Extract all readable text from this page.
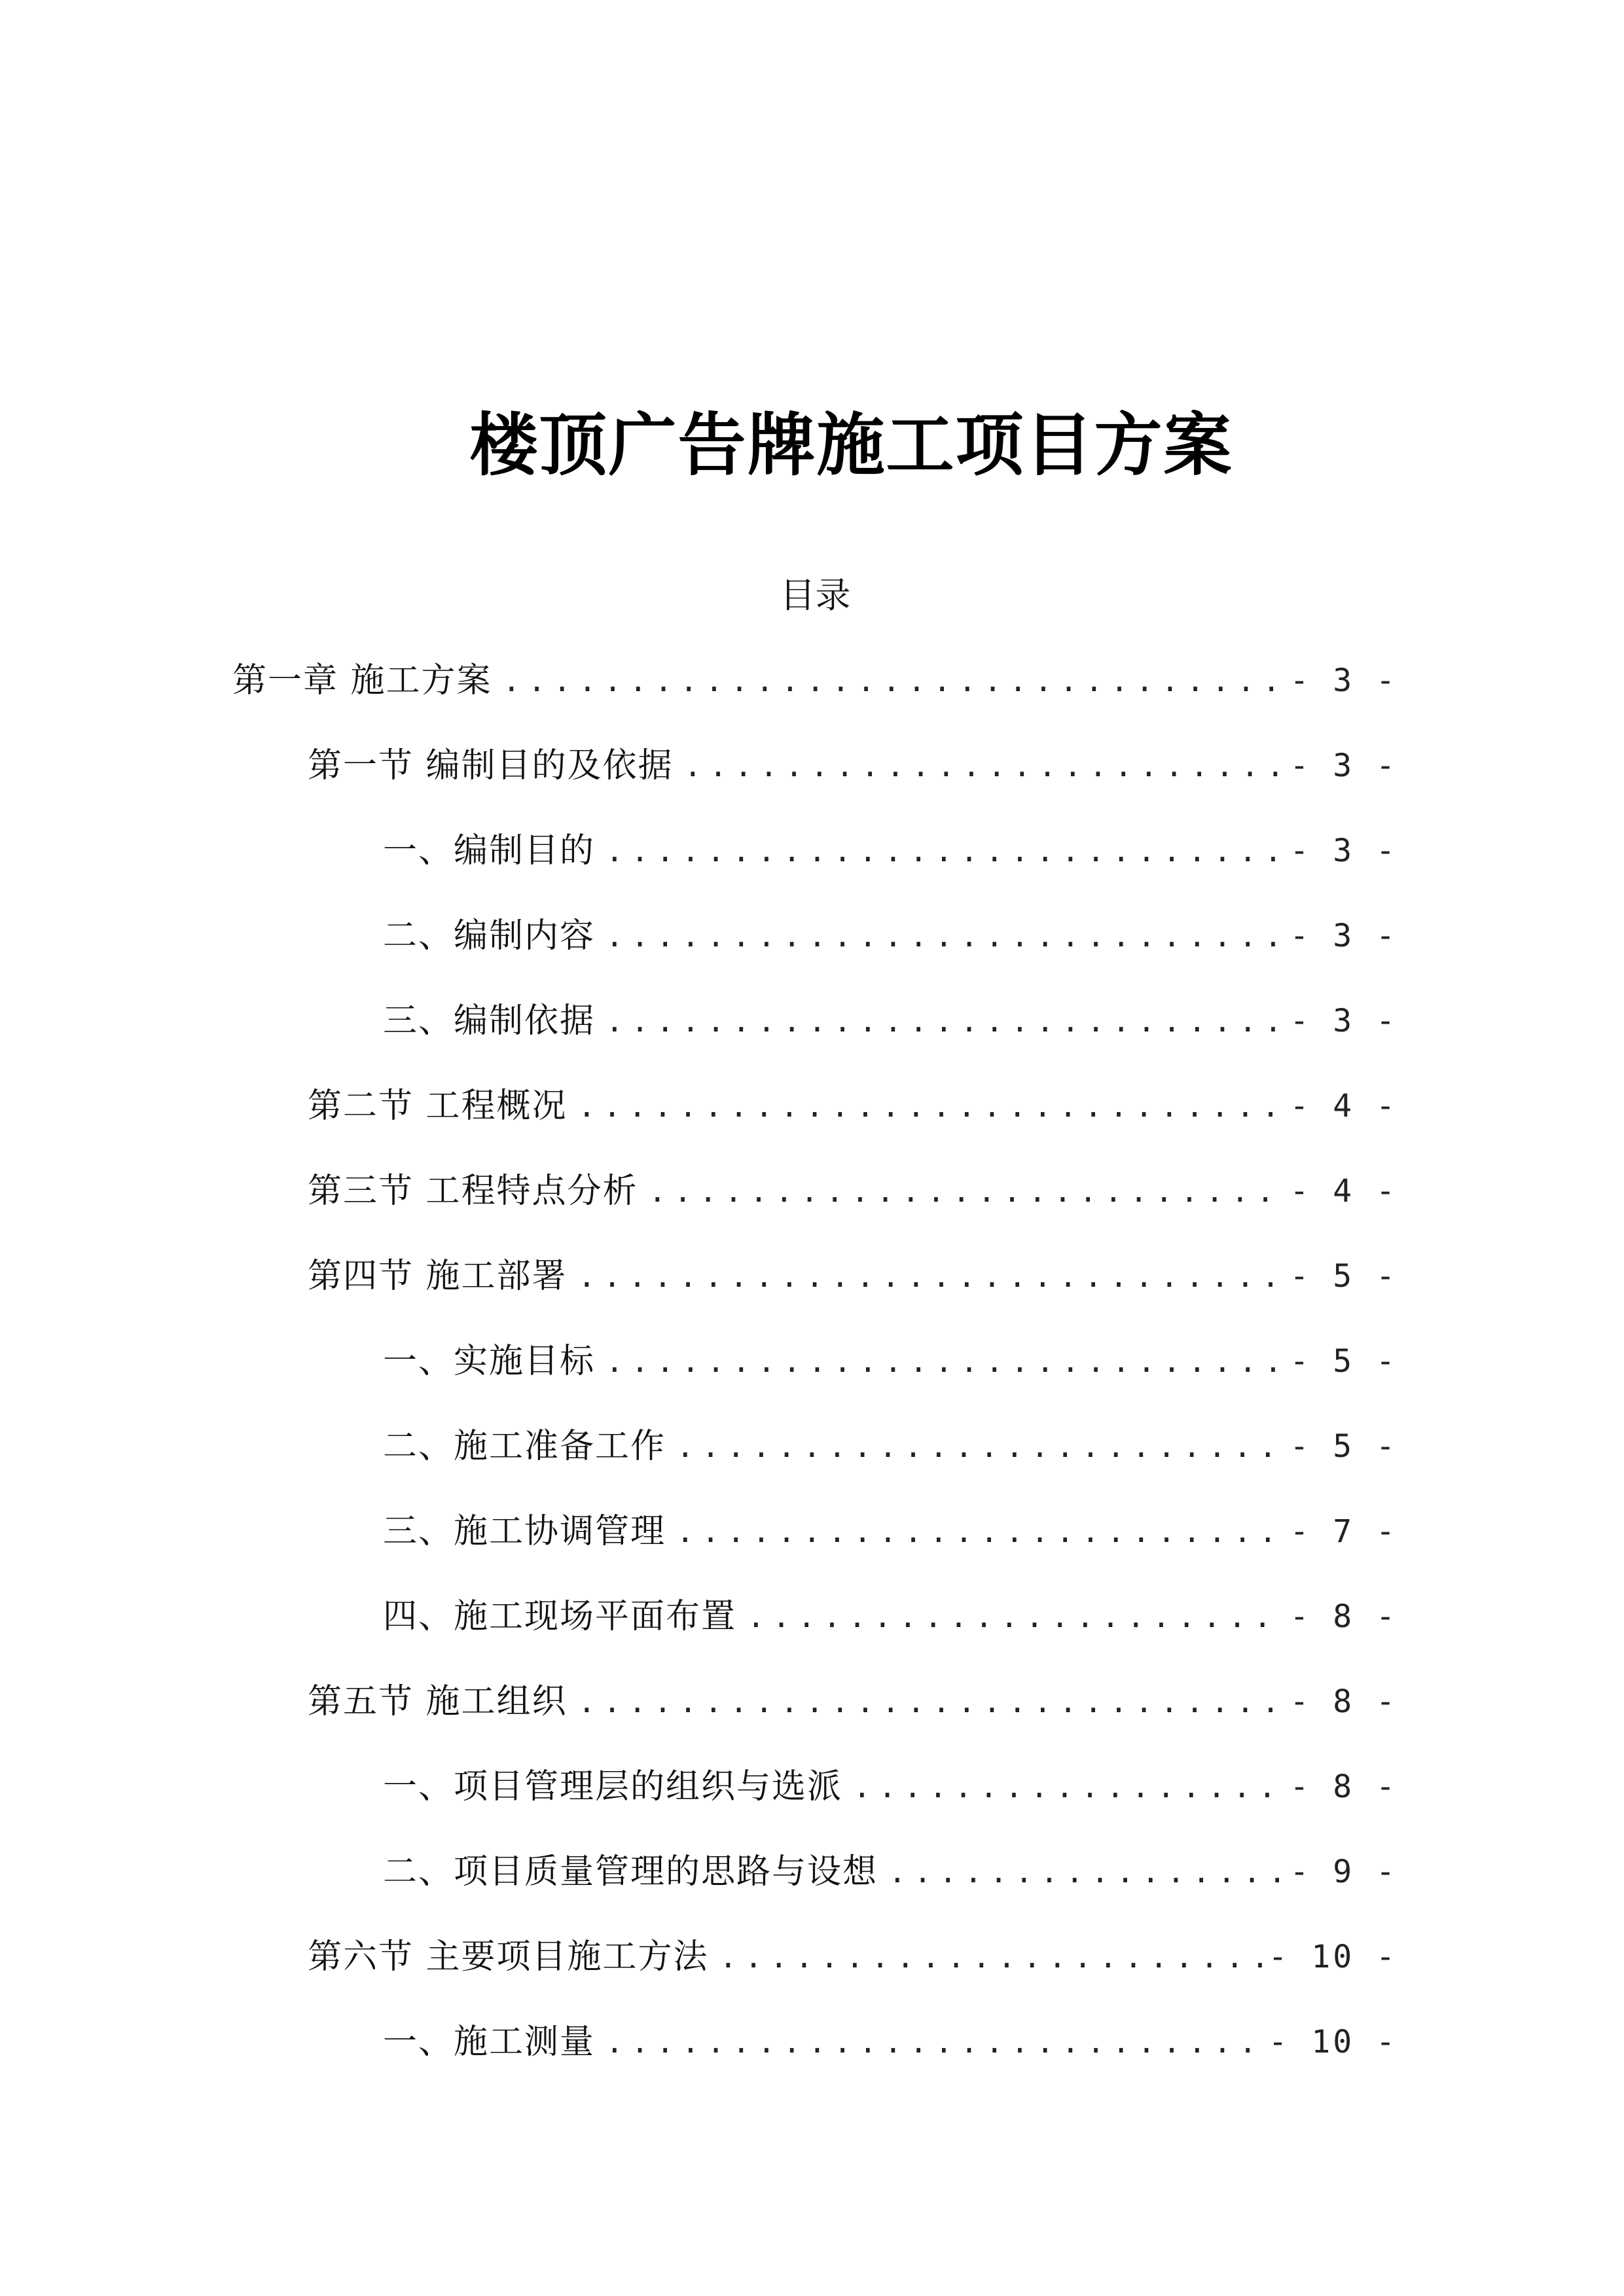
楼顶广告牌施工项目方案
目录
第一章 施工方案 .....	- 3 -
第一节 编制目的及依据 .....	- 3 -
一、编制目的 .....	- 3 -
二、编制内容 .....	- 3 -
三、编制依据 .....	- 3 -
第二节 工程概况 .....	- 4 -
第三节 工程特点分析 .....	- 4 -
第四节 施工部署 .....	- 5 -
一、实施目标 .....	- 5 -
二、施工准备工作 .....	- 5 -
三、施工协调管理 .....	- 7 -
四、施工现场平面布置 .....	- 8 -
第五节 施工组织 .....	- 8 -
一、项目管理层的组织与选派 .....	- 8 -
二、项目质量管理的思路与设想 .....	- 9 -
第六节 主要项目施工方法 .....	- 10 -
一、施工测量 .....	- 10 -
